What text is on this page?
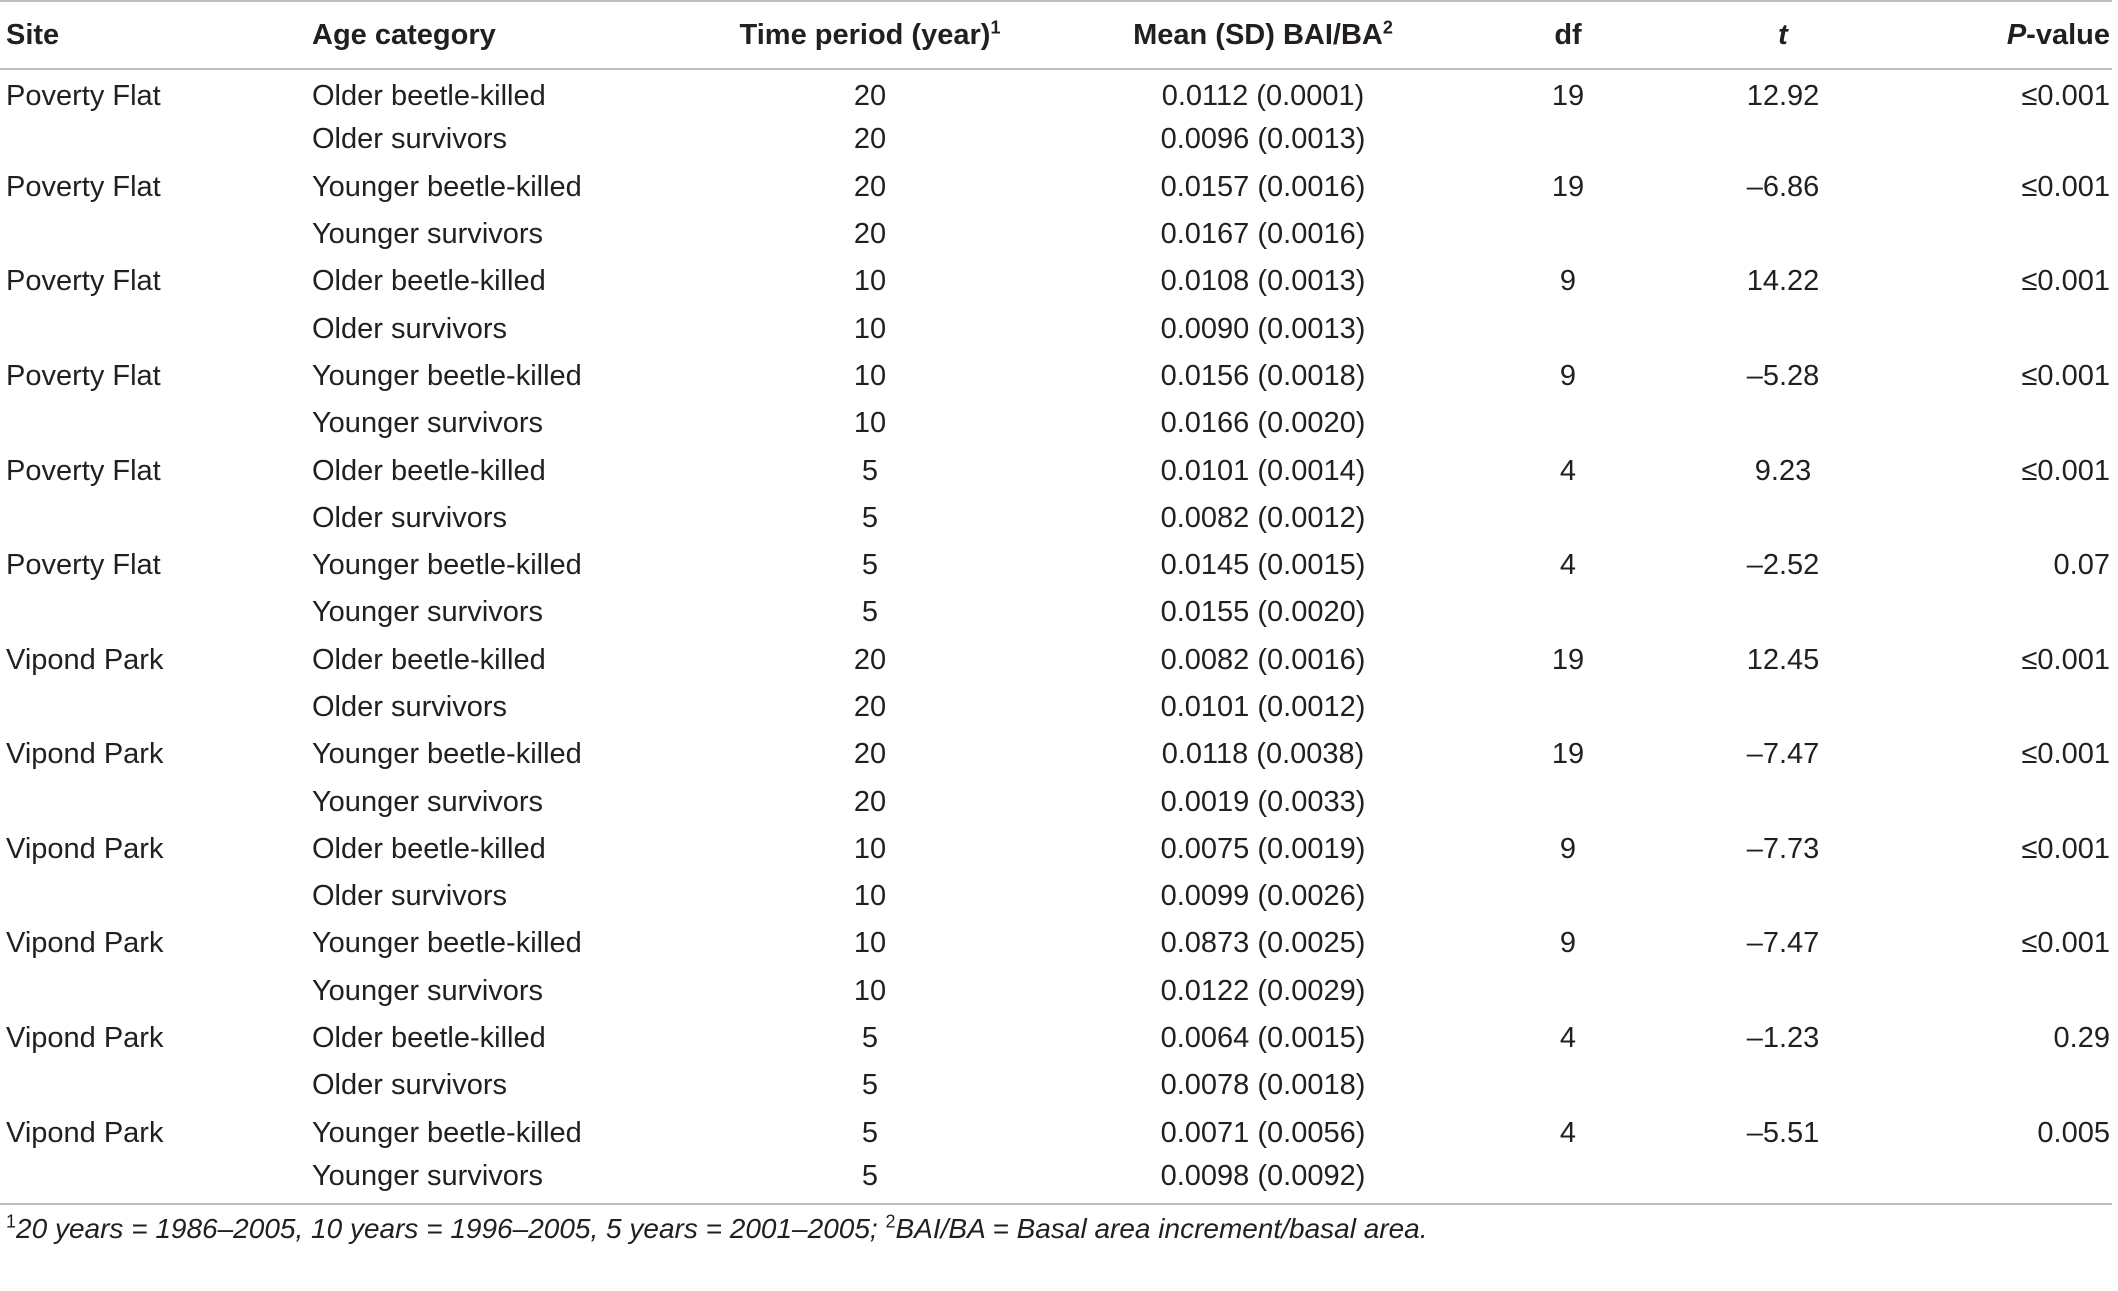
Site	Age category	Time period (year)$^1$	Mean (SD) BAI/$BA^2$	df	t	P-value
Poverty Flat	Older beetle-killed	20	0.0112 (0.0001)	19	12.92	≤0.001
	Older survivors	20	0.0096 (0.0013)			
Poverty Flat	Younger beetle-killed	20	0.0157 (0.0016)	19	–6.86	≤0.001
	Younger survivors	20	0.0167 (0.0016)			
Poverty Flat	Older beetle-killed	10	0.0108 (0.0013)	9	14.22	≤0.001
	Older survivors	10	0.0090 (0.0013)			
Poverty Flat	Younger beetle-killed	10	0.0156 (0.0018)	9	–5.28	≤0.001
	Younger survivors	10	0.0166 (0.0020)			
Poverty Flat	Older beetle-killed	5	0.0101 (0.0014)	4	9.23	≤0.001
	Older survivors	5	0.0082 (0.0012)			
Poverty Flat	Younger beetle-killed	5	0.0145 (0.0015)	4	–2.52	0.07
	Younger survivors	5	0.0155 (0.0020)			
Vipond Park	Older beetle-killed	20	0.0082 (0.0016)	19	12.45	≤0.001
	Older survivors	20	0.0101 (0.0012)			
Vipond Park	Younger beetle-killed	20	0.0118 (0.0038)	19	–7.47	≤0.001
	Younger survivors	20	0.0019 (0.0033)			
Vipond Park	Older beetle-killed	10	0.0075 (0.0019)	9	–7.73	≤0.001
	Older survivors	10	0.0099 (0.0026)			
Vipond Park	Younger beetle-killed	10	0.0873 (0.0025)	9	–7.47	≤0.001
	Younger survivors	10	0.0122 (0.0029)			
Vipond Park	Older beetle-killed	5	0.0064 (0.0015)	4	–1.23	0.29
	Older survivors	5	0.0078 (0.0018)			
Vipond Park	Younger beetle-killed	5	0.0071 (0.0056)	4	–5.51	0.005
	Younger survivors	5	0.0098 (0.0092)			
$^1$20 years = 1986–2005, 10 years = 1996–2005, 5 years = 2001–2005; $^2$BAI/BA = Basal area increment/basal area.
